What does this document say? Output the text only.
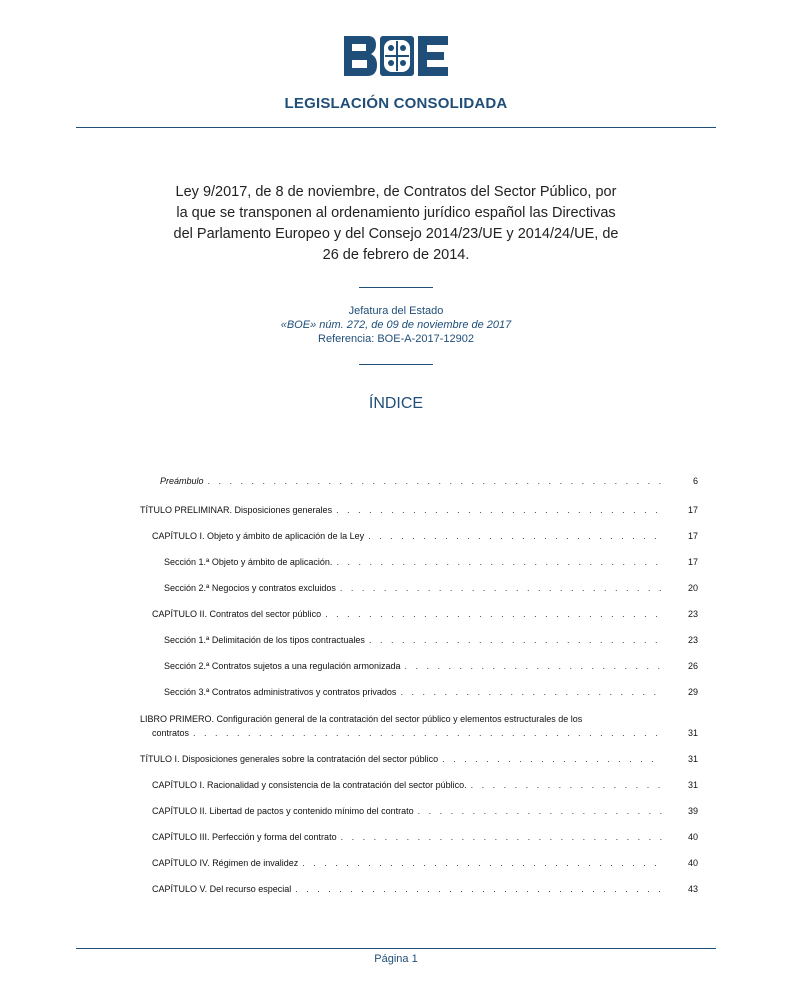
LEGISLACIÓN CONSOLIDADA
Ley 9/2017, de 8 de noviembre, de Contratos del Sector Público, por
la que se transponen al ordenamiento jurídico español las Directivas
del Parlamento Europeo y del Consejo 2014/23/UE y 2014/24/UE, de
26 de febrero de 2014.
Jefatura del Estado
«BOE» núm. 272, de 09 de noviembre de 2017
Referencia: BOE-A-2017-12902
ÍNDICE
Preámbulo . . .	6
TÍTULO PRELIMINAR. Disposiciones generales . . .	17
CAPÍTULO I. Objeto y ámbito de aplicación de la Ley . . .	17
Sección 1.ª Objeto y ámbito de aplicación. . . .	17
Sección 2.ª Negocios y contratos excluidos . . .	20
CAPÍTULO II. Contratos del sector público . . .	23
Sección 1.ª Delimitación de los tipos contractuales . . .	23
Sección 2.ª Contratos sujetos a una regulación armonizada . . .	26
Sección 3.ª Contratos administrativos y contratos privados . . .	29
LIBRO PRIMERO. Configuración general de la contratación del sector público y elementos estructurales de los
contratos . . .	31
TÍTULO I. Disposiciones generales sobre la contratación del sector público . . .	31
CAPÍTULO I. Racionalidad y consistencia de la contratación del sector público. . . .	31
CAPÍTULO II. Libertad de pactos y contenido mínimo del contrato . . .	39
CAPÍTULO III. Perfección y forma del contrato . . .	40
CAPÍTULO IV. Régimen de invalidez . . .	40
CAPÍTULO V. Del recurso especial . . .	43
Página 1
